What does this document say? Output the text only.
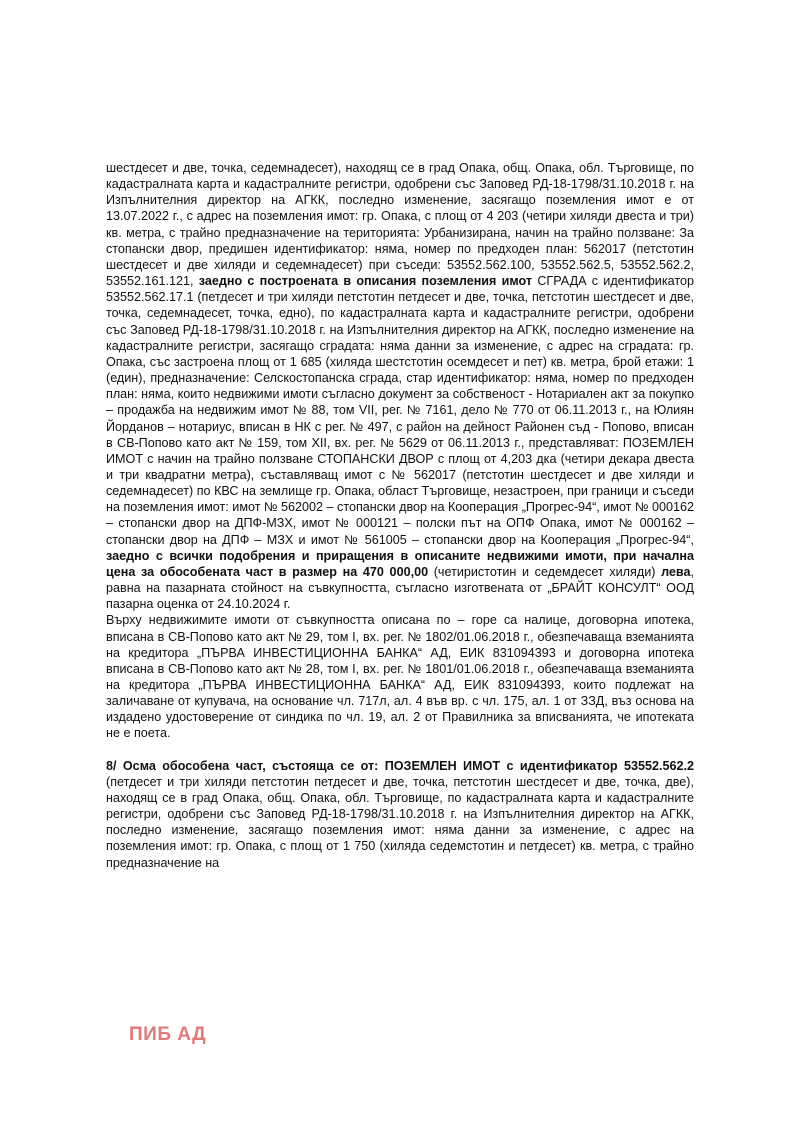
шестдесет и две, точка, седемнадесет), находящ се в град Опака, общ. Опака, обл. Търговище, по кадастралната карта и кадастралните регистри, одобрени със Заповед РД-18-1798/31.10.2018 г. на Изпълнителния директор на АГКК, последно изменение, засягащо поземления имот е от 13.07.2022 г., с адрес на поземления имот: гр. Опака, с площ от 4 203 (четири хиляди двеста и три) кв. метра, с трайно предназначение на територията: Урбанизирана, начин на трайно ползване: За стопански двор, предишен идентификатор: няма, номер по предходен план: 562017 (петстотин шестдесет и две хиляди и седемнадесет) при съседи: 53552.562.100, 53552.562.5, 53552.562.2, 53552.161.121, заедно с построената в описания поземления имот СГРАДА с идентификатор 53552.562.17.1 (петдесет и три хиляди петстотин петдесет и две, точка, петстотин шестдесет и две, точка, седемнадесет, точка, едно), по кадастралната карта и кадастралните регистри, одобрени със Заповед РД-18-1798/31.10.2018 г. на Изпълнителния директор на АГКК, последно изменение на кадастралните регистри, засягащо сградата: няма данни за изменение, с адрес на сградата: гр. Опака, със застроена площ от 1 685 (хиляда шестстотин осемдесет и пет) кв. метра, брой етажи: 1 (един), предназначение: Селскостопанска сграда, стар идентификатор: няма, номер по предходен план: няма, които недвижими имоти съгласно документ за собственост - Нотариален акт за покупко – продажба на недвижим имот № 88, том VII, рег. № 7161, дело № 770 от 06.11.2013 г., на Юлиян Йорданов – нотариус, вписан в НК с рег. № 497, с район на дейност Районен съд - Попово, вписан в СВ-Попово като акт № 159, том XII, вх. рег. № 5629 от 06.11.2013 г., представляват: ПОЗЕМЛЕН ИМОТ с начин на трайно ползване СТОПАНСКИ ДВОР с площ от 4,203 дка (четири декара двеста и три квадратни метра), съставляващ имот с № 562017 (петстотин шестдесет и две хиляди и седемнадесет) по КВС на землище гр. Опака, област Търговище, незастроен, при граници и съседи на поземления имот: имот № 562002 – стопански двор на Кооперация „Прогрес-94“, имот № 000162 – стопански двор на ДПФ-МЗХ, имот № 000121 – полски път на ОПФ Опака, имот № 000162 – стопански двор на ДПФ – МЗХ и имот № 561005 – стопански двор на Кооперация „Прогрес-94“, заедно с всички подобрения и приращения в описаните недвижими имоти, при начална цена за обособената част в размер на 470 000,00 (четиристотин и седемдесет хиляди) лева, равна на пазарната стойност на съвкупността, съгласно изготвената от „БРАЙТ КОНСУЛТ“ ООД пазарна оценка от 24.10.2024 г.

Върху недвижимите имоти от съвкупността описана по – горе са налице, договорна ипотека, вписана в СВ-Попово като акт № 29, том I, вх. рег. № 1802/01.06.2018 г., обезпечаваща вземанията на кредитора „ПЪРВА ИНВЕСТИЦИОННА БАНКА“ АД, ЕИК 831094393 и договорна ипотека вписана в СВ-Попово като акт № 28, том I, вх. рег. № 1801/01.06.2018 г., обезпечаваща вземанията на кредитора „ПЪРВА ИНВЕСТИЦИОННА БАНКА“ АД, ЕИК 831094393, които подлежат на заличаване от купувача, на основание чл. 717л, ал. 4 във вр. с чл. 175, ал. 1 от ЗЗД, въз основа на издадено удостоверение от синдика по чл. 19, ал. 2 от Правилника за вписванията, че ипотеката не е поета.

8/ Осма обособена част, състояща се от: ПОЗЕМЛЕН ИМОТ с идентификатор 53552.562.2 (петдесет и три хиляди петстотин петдесет и две, точка, петстотин шестдесет и две, точка, две), находящ се в град Опака, общ. Опака, обл. Търговище, по кадастралната карта и кадастралните регистри, одобрени със Заповед РД-18-1798/31.10.2018 г. на Изпълнителния директор на АГКК, последно изменение, засягащо поземления имот: няма данни за изменение, с адрес на поземления имот: гр. Опака, с площ от 1 750 (хиляда седемстотин и петдесет) кв. метра, с трайно предназначение на

ПИБ АД
